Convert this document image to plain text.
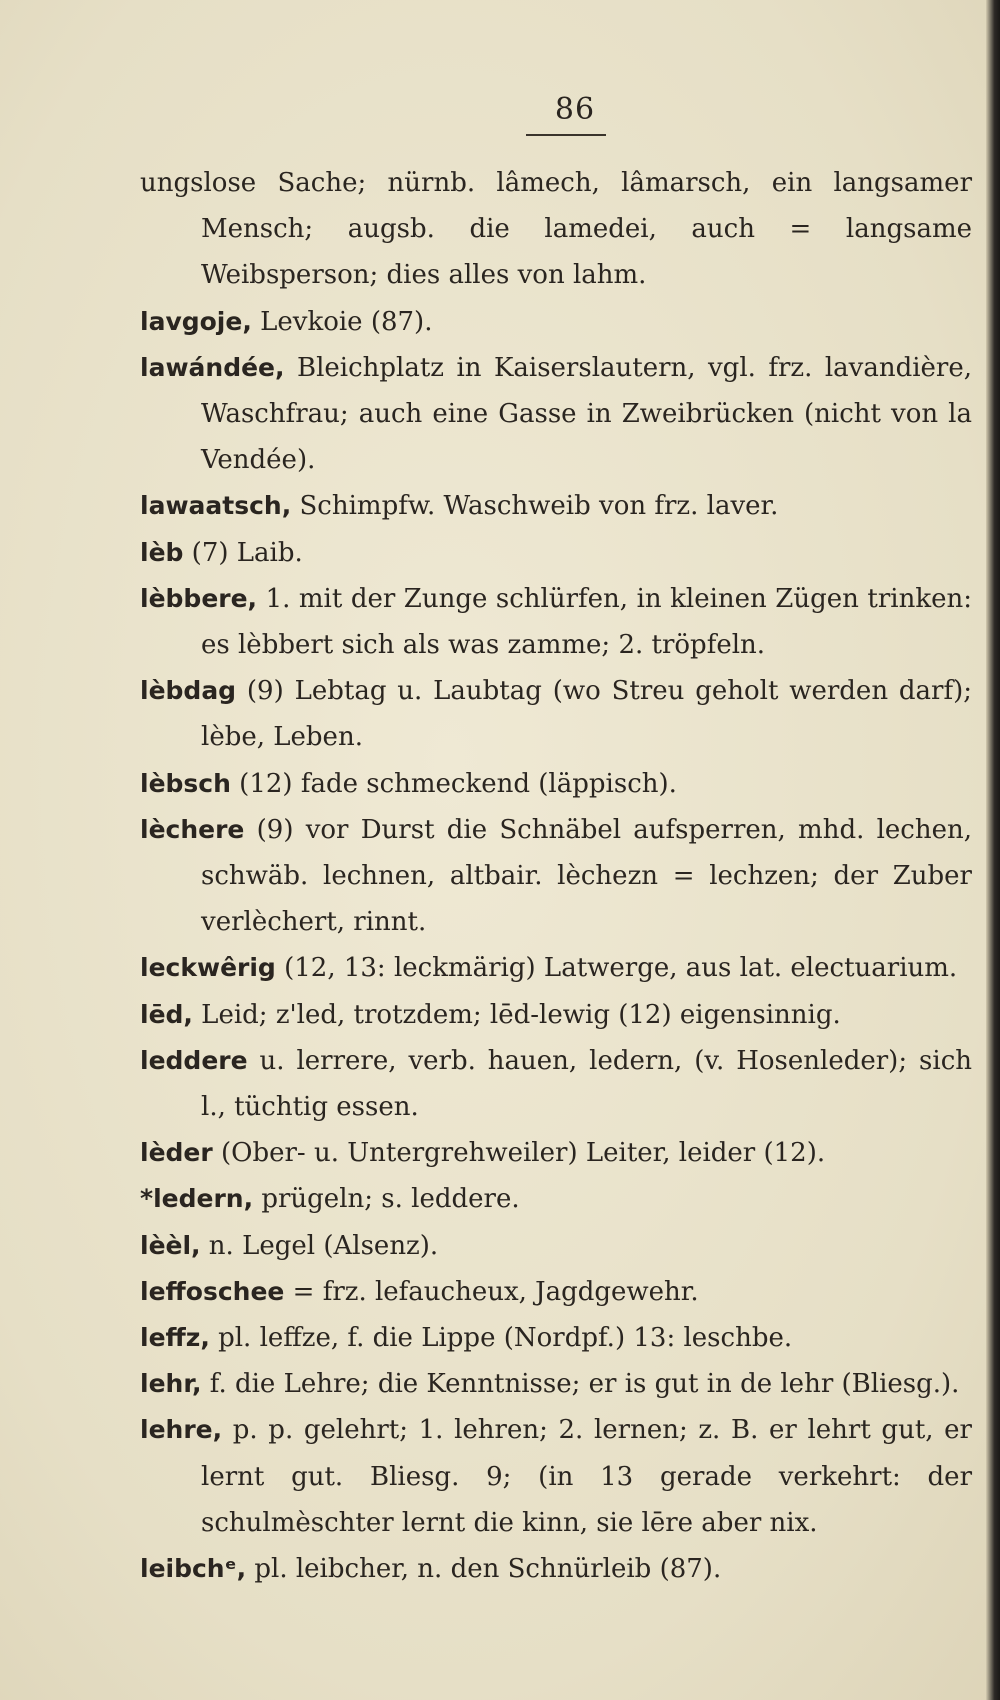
86
ungslose Sache; nürnb. lâmech, lâmarsch, ein langsamer Mensch; augsb. die lamedei, auch = langsame Weibsperson; dies alles von lahm.
lavgoje, Levkoie (87).
lawándée, Bleichplatz in Kaiserslautern, vgl. frz. lavandière, Waschfrau; auch eine Gasse in Zweibrücken (nicht von la Vendée).
lawaatsch, Schimpfw. Waschweib von frz. laver.
lèb (7) Laib.
lèbbere, 1. mit der Zunge schlürfen, in kleinen Zügen trinken: es lèbbert sich als was zamme; 2. tröpfeln.
lèbdag (9) Lebtag u. Laubtag (wo Streu geholt werden darf); lèbe, Leben.
lèbsch (12) fade schmeckend (läppisch).
lèchere (9) vor Durst die Schnäbel aufsperren, mhd. lechen, schwäb. lechnen, altbair. lèchezn = lechzen; der Zuber verlèchert, rinnt.
leckwêrig (12, 13: leckmärig) Latwerge, aus lat. electuarium.
lēd, Leid; z'led, trotzdem; lēd-lewig (12) eigensinnig.
leddere u. lerrere, verb. hauen, ledern, (v. Hosenleder); sich l., tüchtig essen.
lèder (Ober- u. Untergrehweiler) Leiter, leider (12).
*ledern, prügeln; s. leddere.
lèèl, n. Legel (Alsenz).
leffoschee = frz. lefaucheux, Jagdgewehr.
leffz, pl. leffze, f. die Lippe (Nordpf.) 13: leschbe.
lehr, f. die Lehre; die Kenntnisse; er is gut in de lehr (Bliesg.).
lehre, p. p. gelehrt; 1. lehren; 2. lernen; z. B. er lehrt gut, er lernt gut. Bliesg. 9; (in 13 gerade verkehrt: der schulmèschter lernt die kinn, sie lēre aber nix.
leibchᵉ, pl. leibcher, n. den Schnürleib (87).
